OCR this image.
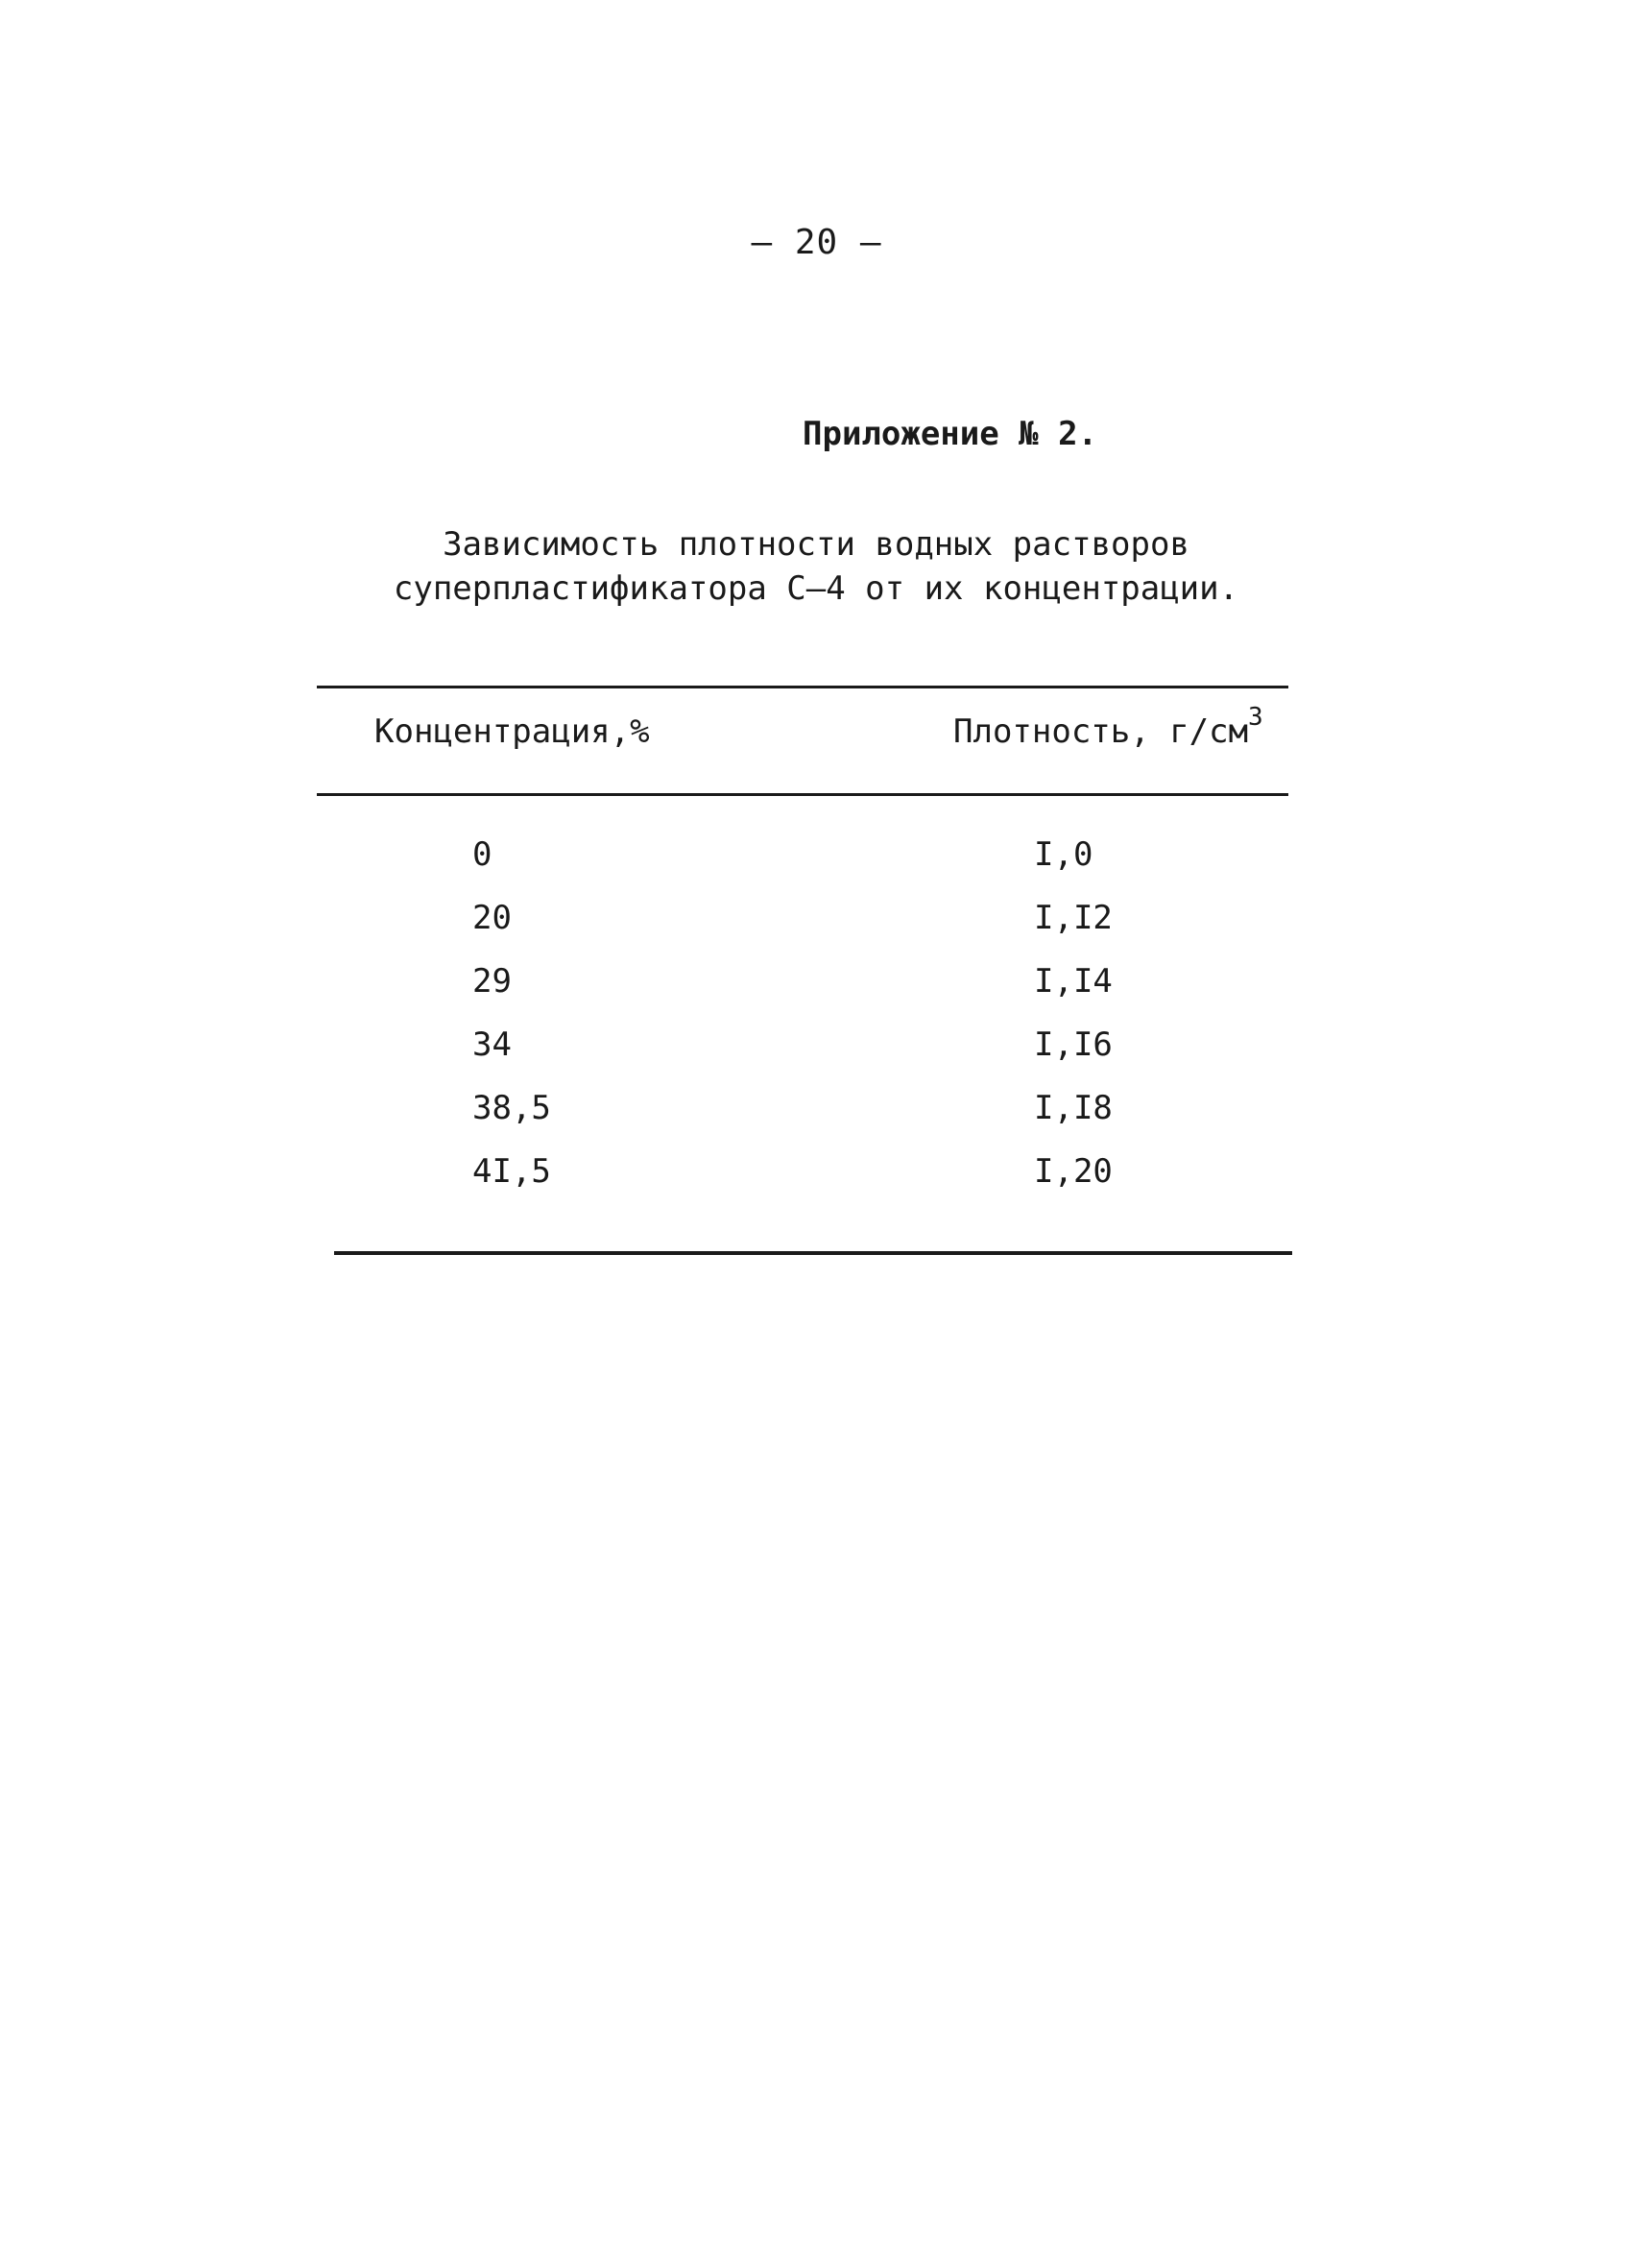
– 20 –
Приложение № 2.
Зависимость плотности водных растворов
суперпластификатора С–4 от их концентрации.
Концентрация,%	Плотность, $г/см^3$
0	I,0
20	I,I2
29	I,I4
34	I,I6
38,5	I,I8
4I,5	I,20
